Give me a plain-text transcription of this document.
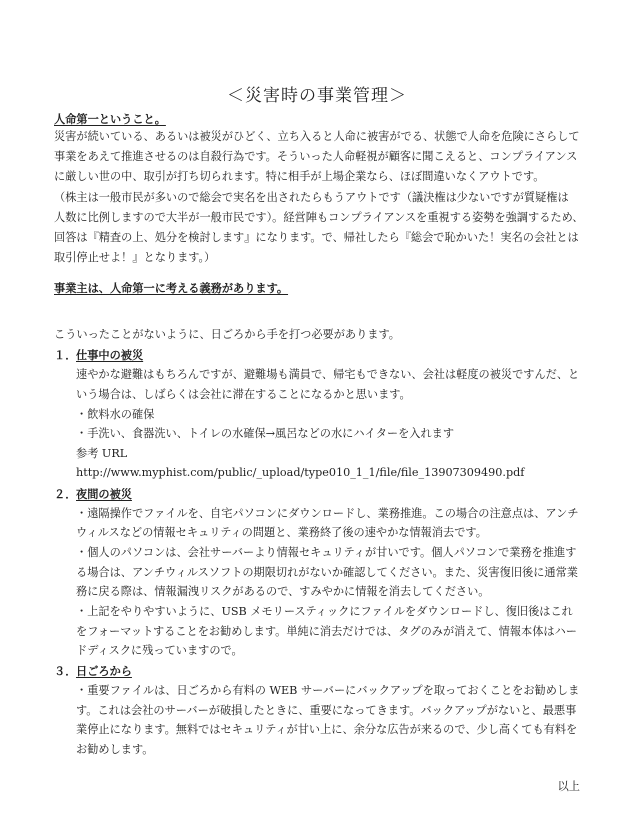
＜災害時の事業管理＞
人命第一ということ。
災害が続いている、あるいは被災がひどく、立ち入ると人命に被害がでる、状態で人命を危険にさらして
事業をあえて推進させるのは自殺行為です。そういった人命軽視が顧客に聞こえると、コンプライアンス
に厳しい世の中、取引が打ち切られます。特に相手が上場企業なら、ほぼ間違いなくアウトです。
（株主は一般市民が多いので総会で実名を出されたらもうアウトです（議決権は少ないですが質疑権は
人数に比例しますので大半が一般市民です）。経営陣もコンプライアンスを重視する姿勢を強調するため、
回答は『精査の上、処分を検討します』になります。で、帰社したら『総会で恥かいた！実名の会社とは
取引停止せよ！』となります。）
事業主は、人命第一に考える義務があります。
こういったことがないように、日ごろから手を打つ必要があります。
１． 仕事中の被災
速やかな避難はもちろんですが、避難場も満員で、帰宅もできない、会社は軽度の被災ですんだ、と
いう場合は、しばらくは会社に滞在することになるかと思います。
・飲料水の確保
・手洗い、食器洗い、トイレの水確保→風呂などの水にハイターを入れます
参考 URL
http://www.myphist.com/public/_upload/type010_1_1/file/file_13907309490.pdf
２． 夜間の被災
・遠隔操作でファイルを、自宅パソコンにダウンロードし、業務推進。この場合の注意点は、アンチ
ウィルスなどの情報セキュリティの問題と、業務終了後の速やかな情報消去です。
・個人のパソコンは、会社サーバーより情報セキュリティが甘いです。個人パソコンで業務を推進す
る場合は、アンチウィルスソフトの期限切れがないか確認してください。また、災害復旧後に通常業
務に戻る際は、情報漏洩リスクがあるので、すみやかに情報を消去してください。
・上記をやりやすいように、USB メモリースティックにファイルをダウンロードし、復旧後はこれ
をフォーマットすることをお勧めします。単純に消去だけでは、タグのみが消えて、情報本体はハー
ドディスクに残っていますので。
３． 日ごろから
・重要ファイルは、日ごろから有料の WEB サーバーにバックアップを取っておくことをお勧めしま
す。これは会社のサーバーが破損したときに、重要になってきます。バックアップがないと、最悪事
業停止になります。無料ではセキュリティが甘い上に、余分な広告が来るので、少し高くても有料を
お勧めします。
以上
